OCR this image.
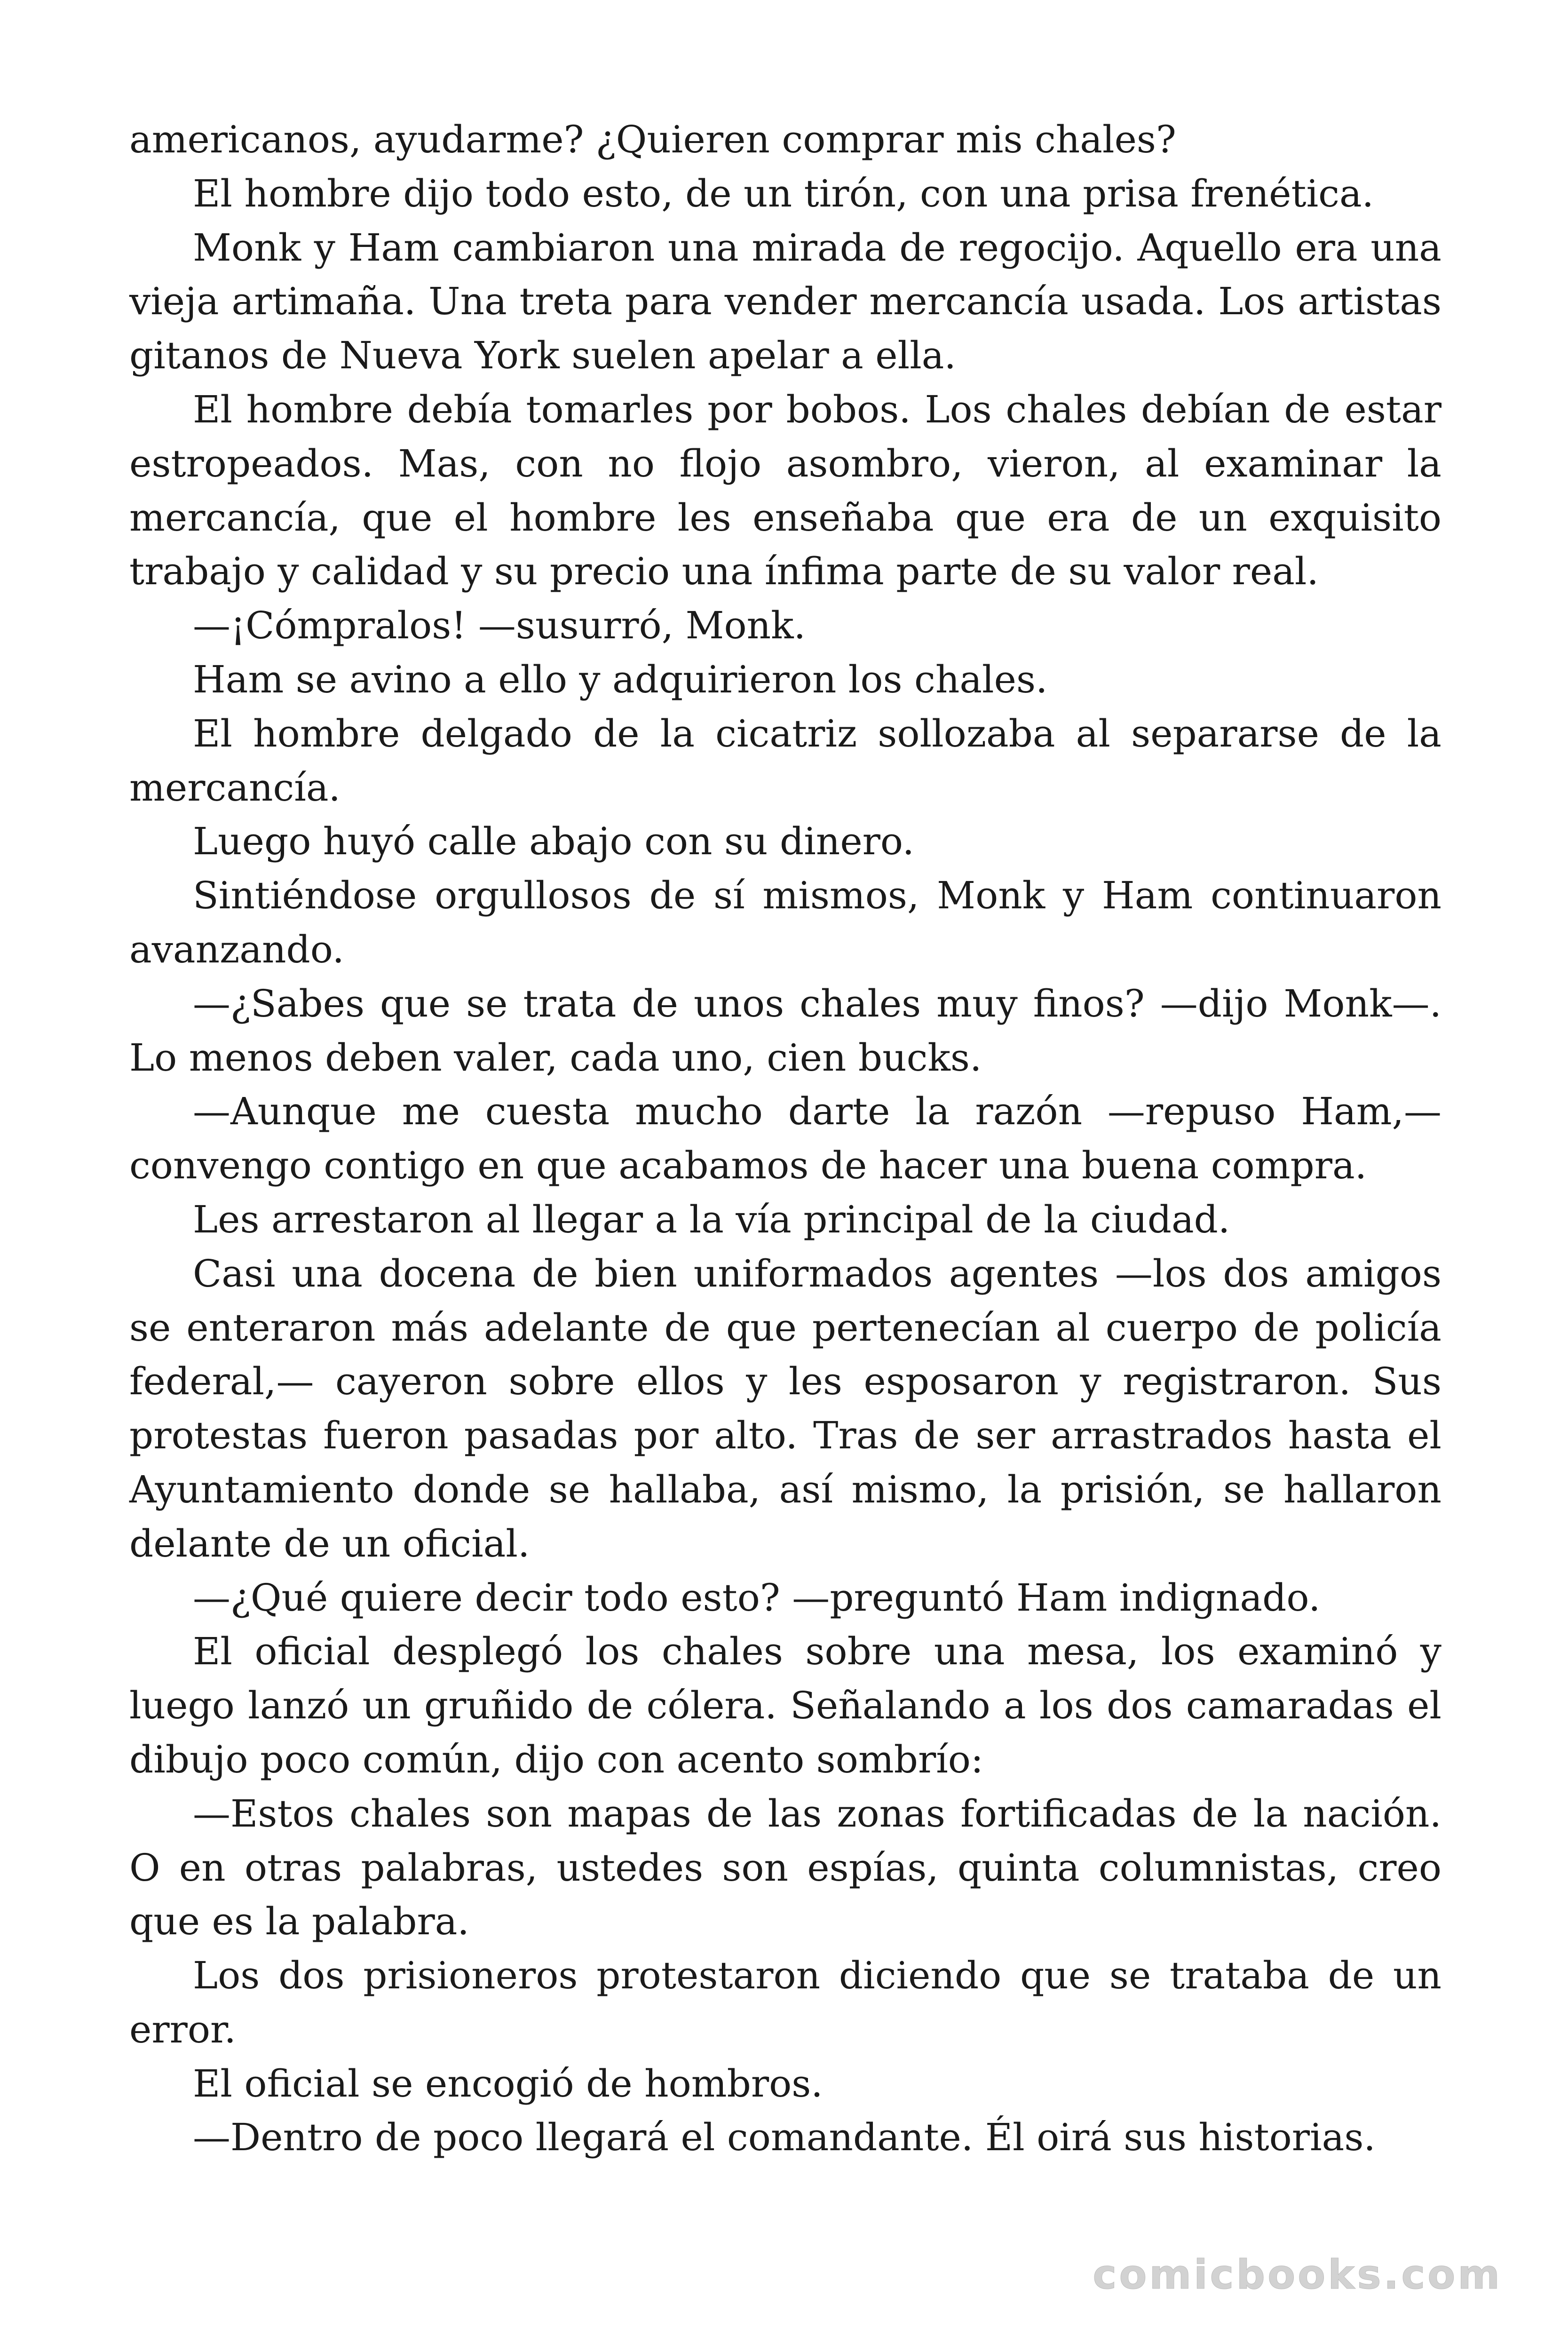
americanos, ayudarme? ¿Quieren comprar mis chales?

El hombre dijo todo esto, de un tirón, con una prisa frenética.

Monk y Ham cambiaron una mirada de regocijo. Aquello era una vieja artimaña. Una treta para vender mercancía usada. Los artistas gitanos de Nueva York suelen apelar a ella.

El hombre debía tomarles por bobos. Los chales debían de estar estropeados. Mas, con no flojo asombro, vieron, al examinar la mercancía, que el hombre les enseñaba que era de un exquisito trabajo y calidad y su precio una ínfima parte de su valor real.

—¡Cómpralos! —susurró, Monk.

Ham se avino a ello y adquirieron los chales.

El hombre delgado de la cicatriz sollozaba al separarse de la mercancía.

Luego huyó calle abajo con su dinero.

Sintiéndose orgullosos de sí mismos, Monk y Ham continuaron avanzando.

—¿Sabes que se trata de unos chales muy finos? —dijo Monk—. Lo menos deben valer, cada uno, cien bucks.

—Aunque me cuesta mucho darte la razón —repuso Ham,— convengo contigo en que acabamos de hacer una buena compra.

Les arrestaron al llegar a la vía principal de la ciudad.

Casi una docena de bien uniformados agentes —los dos amigos se enteraron más adelante de que pertenecían al cuerpo de policía federal,— cayeron sobre ellos y les esposaron y registraron. Sus protestas fueron pasadas por alto. Tras de ser arrastrados hasta el Ayuntamiento donde se hallaba, así mismo, la prisión, se hallaron delante de un oficial.

—¿Qué quiere decir todo esto? —preguntó Ham indignado.

El oficial desplegó los chales sobre una mesa, los examinó y luego lanzó un gruñido de cólera. Señalando a los dos camaradas el dibujo poco común, dijo con acento sombrío:

—Estos chales son mapas de las zonas fortificadas de la nación. O en otras palabras, ustedes son espías, quinta columnistas, creo que es la palabra.

Los dos prisioneros protestaron diciendo que se trataba de un error.

El oficial se encogió de hombros.

—Dentro de poco llegará el comandante. Él oirá sus historias.

comicbooks.com
